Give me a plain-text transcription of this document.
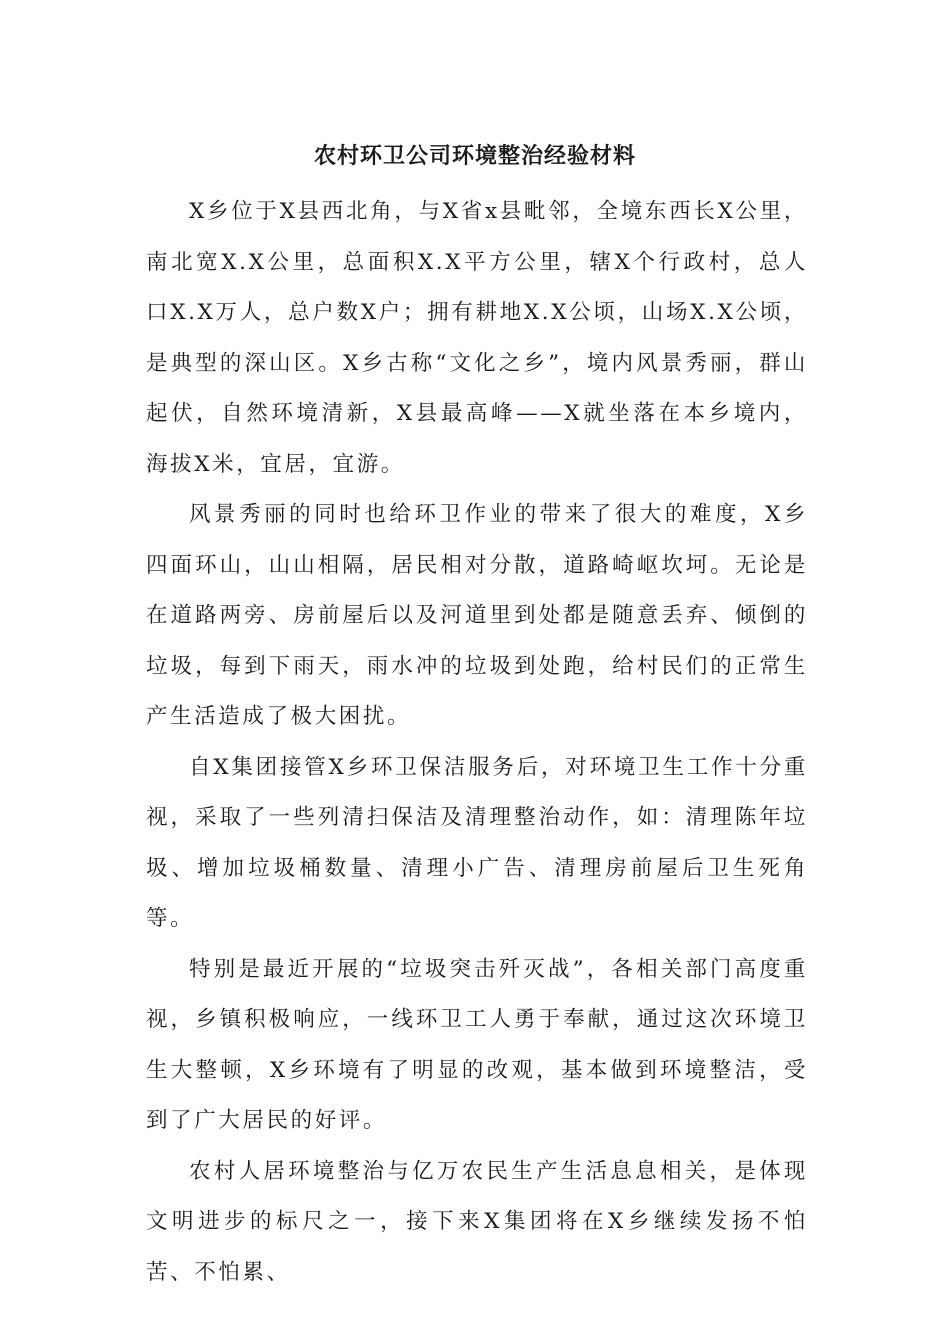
农村环卫公司环境整治经验材料

X乡位于X县西北角，与X省x县毗邻，全境东西长X公里，南北宽X.X公里，总面积X.X平方公里，辖X个行政村，总人口X.X万人，总户数X户；拥有耕地X.X公顷，山场X.X公顷，是典型的深山区。X乡古称“文化之乡”，境内风景秀丽，群山起伏，自然环境清新，X县最高峰——X就坐落在本乡境内，海拔X米，宜居，宜游。

风景秀丽的同时也给环卫作业的带来了很大的难度，X乡四面环山，山山相隔，居民相对分散，道路崎岖坎坷。无论是在道路两旁、房前屋后以及河道里到处都是随意丢弃、倾倒的垃圾，每到下雨天，雨水冲的垃圾到处跑，给村民们的正常生产生活造成了极大困扰。

自X集团接管X乡环卫保洁服务后，对环境卫生工作十分重视，采取了一些列清扫保洁及清理整治动作，如：清理陈年垃圾、增加垃圾桶数量、清理小广告、清理房前屋后卫生死角等。

特别是最近开展的“垃圾突击歼灭战”，各相关部门高度重视，乡镇积极响应，一线环卫工人勇于奉献，通过这次环境卫生大整顿，X乡环境有了明显的改观，基本做到环境整洁，受到了广大居民的好评。

农村人居环境整治与亿万农民生产生活息息相关，是体现文明进步的标尺之一，接下来X集团将在X乡继续发扬不怕苦、不怕累、
